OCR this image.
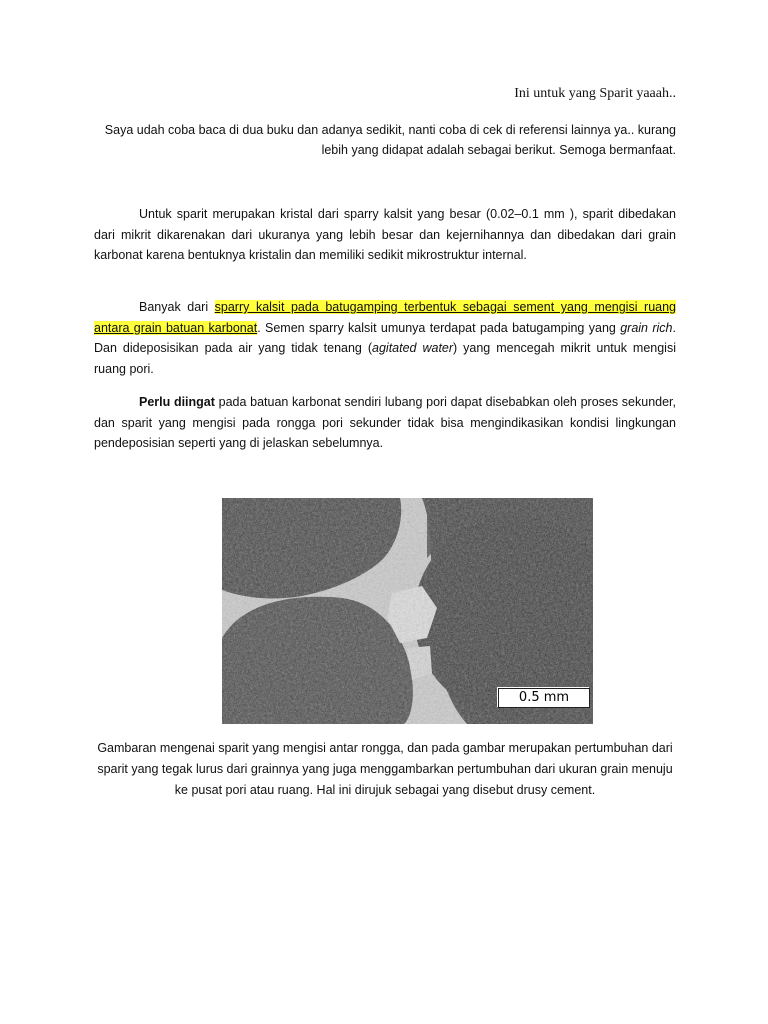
Ini untuk yang Sparit yaaah..
Saya udah coba baca di dua buku dan adanya sedikit, nanti coba di cek di referensi lainnya ya.. kurang lebih yang didapat adalah sebagai berikut. Semoga bermanfaat.

Untuk sparit merupakan kristal dari sparry kalsit yang besar (0.02–0.1 mm ), sparit dibedakan dari mikrit dikarenakan dari ukuranya yang lebih besar dan kejernihannya dan dibedakan dari grain karbonat karena bentuknya kristalin dan memiliki sedikit mikrostruktur internal.

Banyak dari sparry kalsit pada batugamping terbentuk sebagai sement yang mengisi ruang antara grain batuan karbonat. Semen sparry kalsit umunya terdapat pada batugamping yang grain rich. Dan dideposisikan pada air yang tidak tenang (agitated water) yang mencegah mikrit untuk mengisi ruang pori.

Perlu diingat pada batuan karbonat sendiri lubang pori dapat disebabkan oleh proses sekunder, dan sparit yang mengisi pada rongga pori sekunder tidak bisa mengindikasikan kondisi lingkungan pendeposisian seperti yang di jelaskan sebelumnya.

0.5 mm
Gambaran mengenai sparit yang mengisi antar rongga, dan pada gambar merupakan pertumbuhan dari sparit yang tegak lurus dari grainnya yang juga menggambarkan pertumbuhan dari ukuran grain menuju ke pusat pori atau ruang. Hal ini dirujuk sebagai yang disebut drusy cement.
